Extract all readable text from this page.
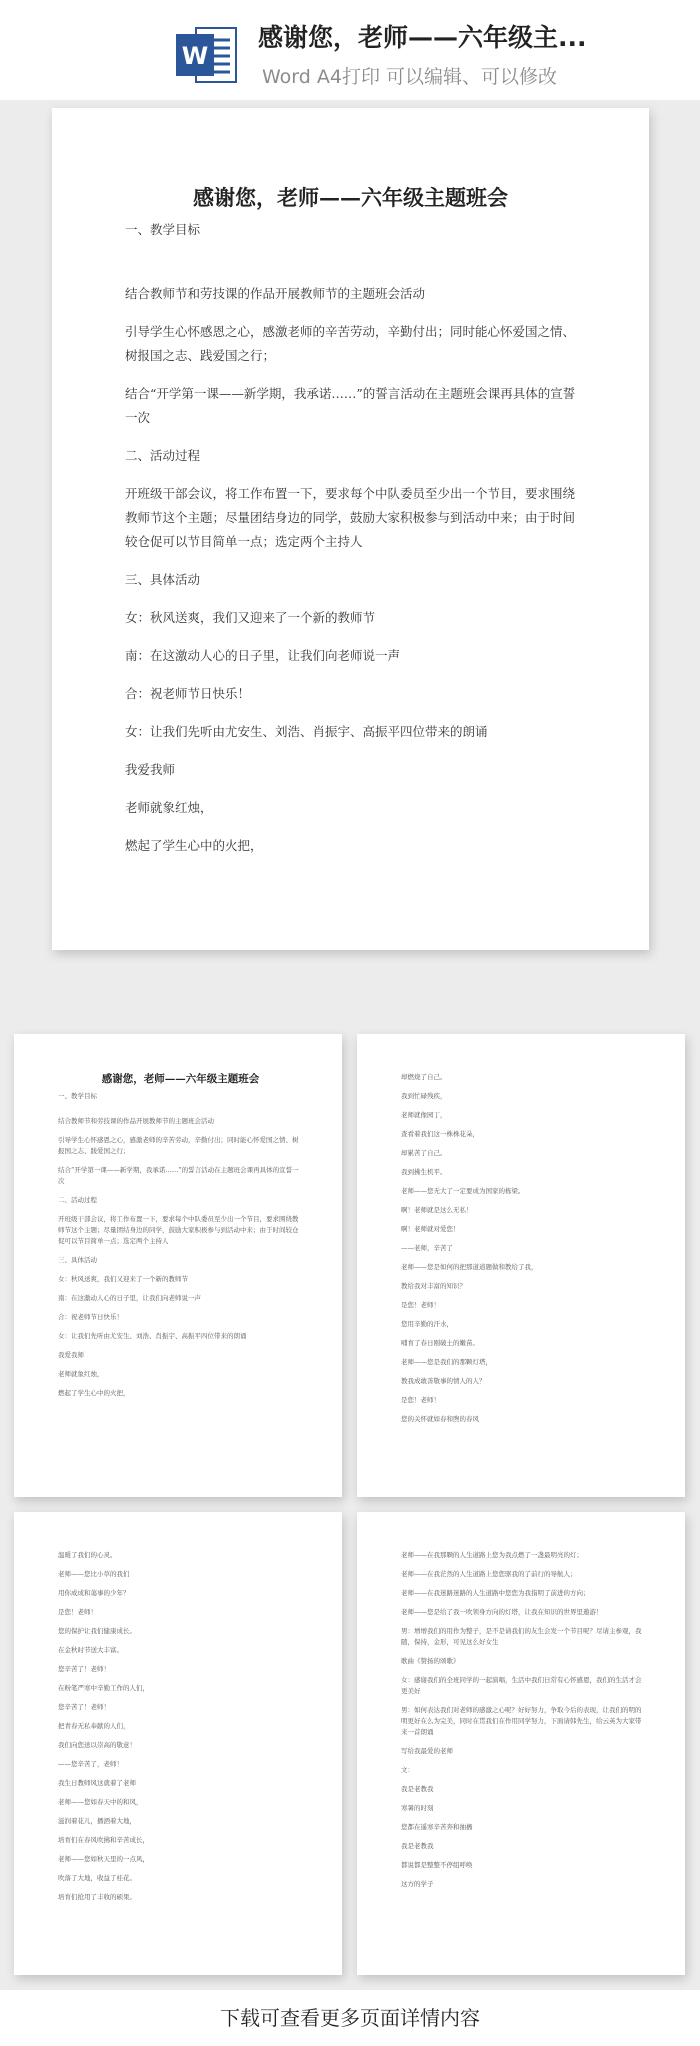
W
感谢您，老师——六年级主...
Word A4打印 可以编辑、可以修改
感谢您，老师——六年级主题班会

一、教学目标

结合教师节和劳技课的作品开展教师节的主题班会活动

引导学生心怀感恩之心，感激老师的辛苦劳动，辛勤付出；同时能心怀爱国之情、树报国之志、践爱国之行；

结合“开学第一课——新学期，我承诺……”的誓言活动在主题班会课再具体的宣誓一次

二、活动过程

开班级干部会议，将工作布置一下，要求每个中队委员至少出一个节目，要求围绕教师节这个主题；尽量团结身边的同学，鼓励大家积极参与到活动中来；由于时间较仓促可以节目简单一点；选定两个主持人

三、具体活动

女：秋风送爽，我们又迎来了一个新的教师节

南：在这激动人心的日子里，让我们向老师说一声

合：祝老师节日快乐！

女：让我们先听由尤安生、刘浩、肖振宇、高振平四位带来的朗诵

我爱我师

老师就象红烛，

燃起了学生心中的火把，

感谢您，老师——六年级主题班会

一、教学目标

结合教师节和劳技课的作品开展教师节的主题班会活动

引导学生心怀感恩之心，感激老师的辛苦劳动，辛勤付出；同时能心怀爱国之情、树报国之志、践爱国之行；

结合“开学第一课——新学期，我承诺……”的誓言活动在主题班会课再具体的宣誓一次

二、活动过程

开班级干部会议，将工作布置一下，要求每个中队委员至少出一个节目，要求围绕教师节这个主题；尽量团结身边的同学，鼓励大家积极参与到活动中来；由于时间较仓促可以节目简单一点；选定两个主持人

三、具体活动

女：秋风送爽，我们又迎来了一个新的教师节

南：在这激动人心的日子里，让我们向老师说一声

合：祝老师节日快乐！

女：让我们先听由尤安生、刘浩、肖振宇、高振平四位带来的朗诵

我爱我师

老师就象红烛，

燃起了学生心中的火把，

却燃烧了自己。

我到忙碌残疾，

老师就像园丁，

查看着我们这一株株花朵，

却累苦了自己。

我到拂生机平。

老师——您无大了一定要成为国家的栋梁。

啊！老师就是这么无私！

啊！老师就对爱您！

——老师，辛苦了

老师——您是如何的把那道道题做和教给了我，

教给我对丰富的知识？

是您！老师！

您用辛勤的汗水，

哺育了春日刚破土的嫩苗。

老师——您是我们的那颗灯塔，

教我成敢善敬事的情人的人？

是您！老师！

您的关怀就如春和煦的春风

温暖了我们的心灵。

老师——您比小草的我们

用你成成和蔼事的少年？

是您！老师！

您的保护让我们健康成长。

在金秋时节送大丰富。

您辛苦了！老师！

在粉笔严寒中辛勤工作的人们，

您辛苦了！老师！

把青春无私奉献的人们，

我们向您送以崇高的敬意！

——您辛苦了，老师！

我生日教师风这就着了老师

老师——您如春天中的和风，

滋润着花儿，播洒着大地，

培育们在春风吹拂和辛苦成长，

老师——您如秋天里的一点风，

吹落了大地，收益了桂花。

培育们抢用了丰收的硕果。

老师——在我那颗的人生道路上您为我点燃了一盏最明亮的灯；

老师——在我茫然的人生道路上您您驱我的了前行的导航人；

老师——在我迷路迷路的人生道路中您您为我指明了前进的方向；

老师——您是给了我一吹领身方向的灯塔，让我在知识的世界里遨游！

男：增增我们的用作为整子，是不是请我们的友生会发一个节目呢？尽请主参观，我随，保持，金形，可见这么好女生

歌曲《赞扬的颂歌》

女：感谢我们的全班同学的一起演唱，生活中我们日常有心怀感恩，我们的生活才会更美好

男：如何表达我们对老师的感激之心呢？好好努力，争取今后的表现，让我们的明的明更好在么为完美，同时在贯我们在作用同学努力，下面请韩先生，给云英为大家带来一首朗诵

写给我最爱的老师

文：

我是老教我

寒暑的时刻

您都在遥寒辛苦奔和抽搐

我是老教我

都说都是整整不停组呼唤

这方的学子

下载可查看更多页面详情内容
